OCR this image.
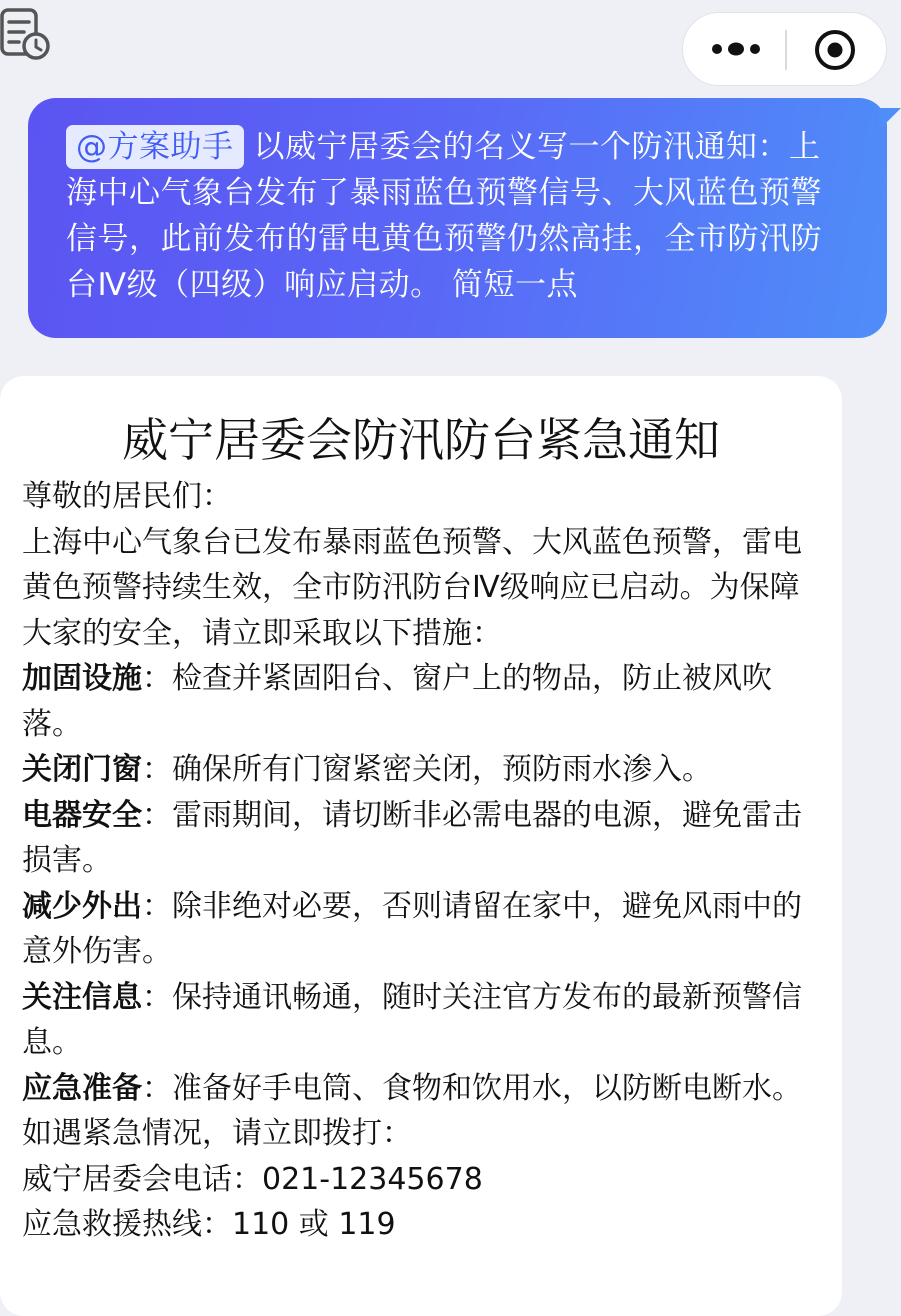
@方案助手 以威宁居委会的名义写一个防汛通知：上海中心气象台发布了暴雨蓝色预警信号、大风蓝色预警信号，此前发布的雷电黄色预警仍然高挂，全市防汛防台Ⅳ级（四级）响应启动。 简短一点
威宁居委会防汛防台紧急通知

尊敬的居民们：

上海中心气象台已发布暴雨蓝色预警、大风蓝色预警，雷电黄色预警持续生效，全市防汛防台Ⅳ级响应已启动。为保障大家的安全，请立即采取以下措施：

加固设施：检查并紧固阳台、窗户上的物品，防止被风吹落。

关闭门窗：确保所有门窗紧密关闭，预防雨水渗入。

电器安全：雷雨期间，请切断非必需电器的电源，避免雷击损害。

减少外出：除非绝对必要，否则请留在家中，避免风雨中的意外伤害。

关注信息：保持通讯畅通，随时关注官方发布的最新预警信息。

应急准备：准备好手电筒、食物和饮用水，以防断电断水。

如遇紧急情况，请立即拨打：

威宁居委会电话：021-12345678

应急救援热线：110 或 119
